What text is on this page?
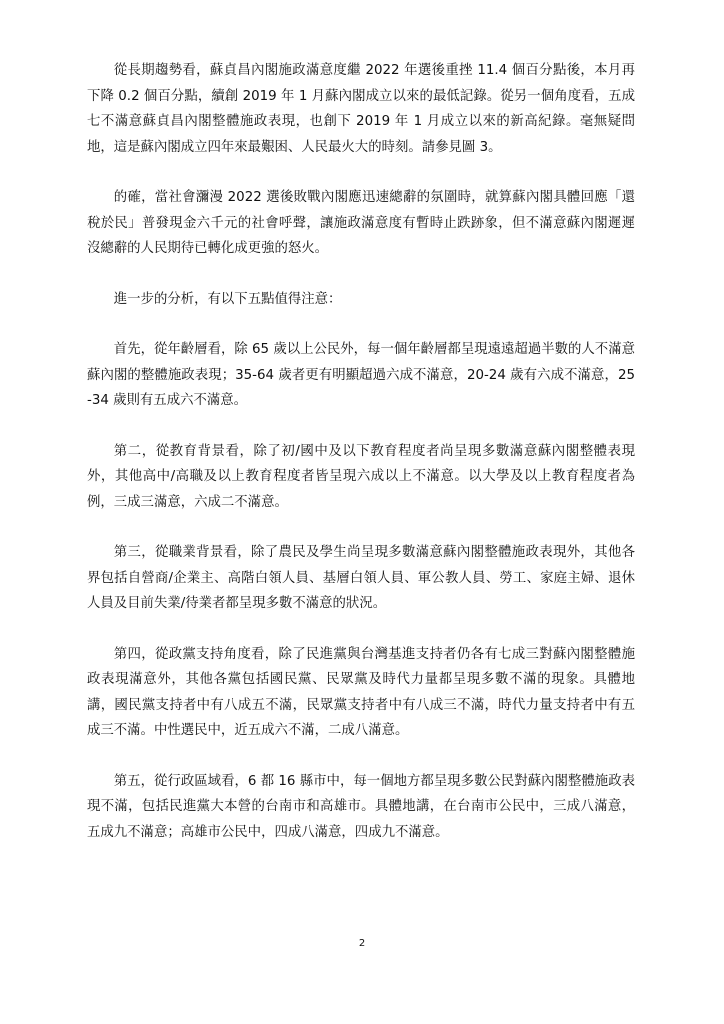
從長期趨勢看，蘇貞昌內閣施政滿意度繼 2022 年選後重挫 11.4 個百分點後，本月再下降 0.2 個百分點，續創 2019 年 1 月蘇內閣成立以來的最低記錄。從另一個角度看，五成七不滿意蘇貞昌內閣整體施政表現，也創下 2019 年 1 月成立以來的新高紀錄。毫無疑問地，這是蘇內閣成立四年來最艱困、人民最火大的時刻。請參見圖 3。

的確，當社會瀰漫 2022 選後敗戰內閣應迅速總辭的氛圍時，就算蘇內閣具體回應「還稅於民」普發現金六千元的社會呼聲，讓施政滿意度有暫時止跌跡象，但不滿意蘇內閣遲遲沒總辭的人民期待已轉化成更強的怒火。

進一步的分析，有以下五點值得注意：

首先，從年齡層看，除 65 歲以上公民外，每一個年齡層都呈現遠遠超過半數的人不滿意蘇內閣的整體施政表現；35-64 歲者更有明顯超過六成不滿意，20-24 歲有六成不滿意，25-34 歲則有五成六不滿意。

第二，從教育背景看，除了初/國中及以下教育程度者尚呈現多數滿意蘇內閣整體表現外，其他高中/高職及以上教育程度者皆呈現六成以上不滿意。以大學及以上教育程度者為例，三成三滿意，六成二不滿意。

第三，從職業背景看，除了農民及學生尚呈現多數滿意蘇內閣整體施政表現外，其他各界包括自營商/企業主、高階白領人員、基層白領人員、軍公教人員、勞工、家庭主婦、退休人員及目前失業/待業者都呈現多數不滿意的狀況。

第四，從政黨支持角度看，除了民進黨與台灣基進支持者仍各有七成三對蘇內閣整體施政表現滿意外，其他各黨包括國民黨、民眾黨及時代力量都呈現多數不滿的現象。具體地講，國民黨支持者中有八成五不滿，民眾黨支持者中有八成三不滿，時代力量支持者中有五成三不滿。中性選民中，近五成六不滿，二成八滿意。

第五，從行政區域看，6 都 16 縣市中，每一個地方都呈現多數公民對蘇內閣整體施政表現不滿，包括民進黨大本營的台南市和高雄市。具體地講，在台南市公民中，三成八滿意，五成九不滿意；高雄市公民中，四成八滿意，四成九不滿意。

2
